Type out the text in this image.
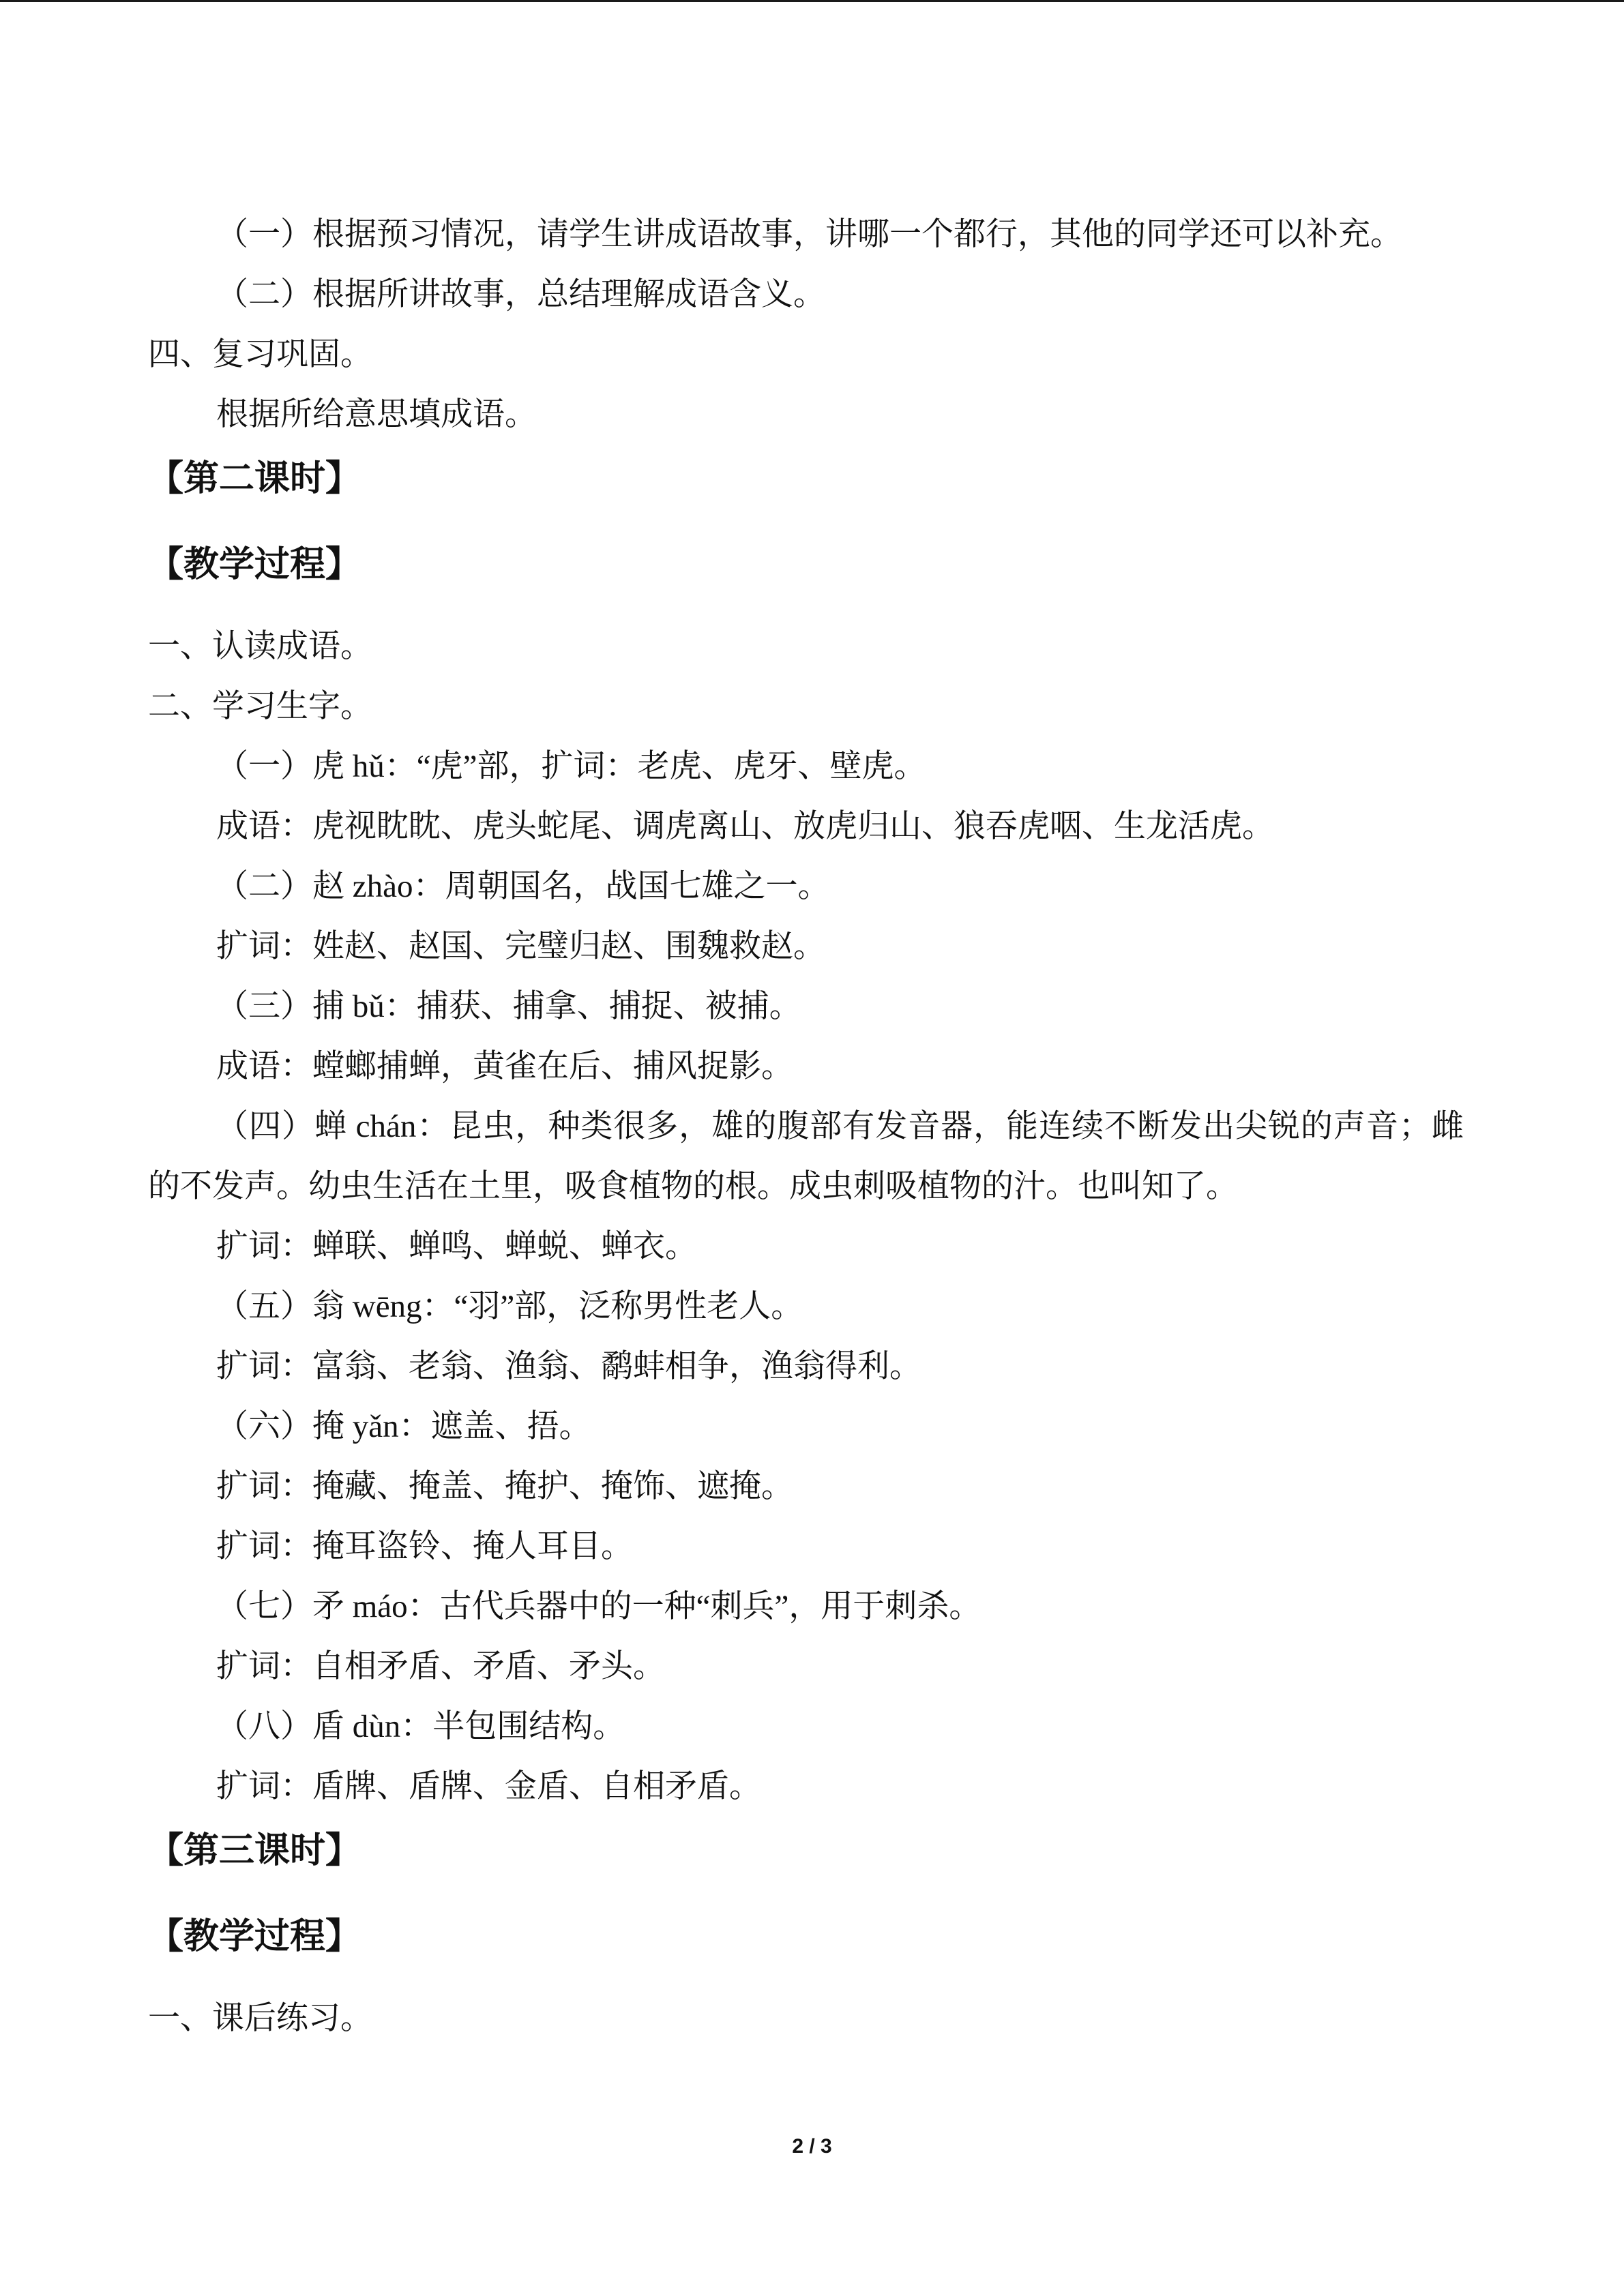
（一）根据预习情况，请学生讲成语故事，讲哪一个都行，其他的同学还可以补充。
（二）根据所讲故事，总结理解成语含义。
四、复习巩固。
根据所给意思填成语。
【第二课时】
【教学过程】
一、认读成语。
二、学习生字。
（一）虎 hǔ：“虎”部，扩词：老虎、虎牙、壁虎。
成语：虎视眈眈、虎头蛇尾、调虎离山、放虎归山、狼吞虎咽、生龙活虎。
（二）赵 zhào：周朝国名，战国七雄之一。
扩词：姓赵、赵国、完璧归赵、围魏救赵。
（三）捕 bǔ：捕获、捕拿、捕捉、被捕。
成语：螳螂捕蝉，黄雀在后、捕风捉影。
（四）蝉 chán：昆虫，种类很多，雄的腹部有发音器，能连续不断发出尖锐的声音；雌
的不发声。幼虫生活在土里，吸食植物的根。成虫刺吸植物的汁。也叫知了。
扩词：蝉联、蝉鸣、蝉蜕、蝉衣。
（五）翁 wēng：“羽”部，泛称男性老人。
扩词：富翁、老翁、渔翁、鹬蚌相争，渔翁得利。
（六）掩 yǎn：遮盖、捂。
扩词：掩藏、掩盖、掩护、掩饰、遮掩。
扩词：掩耳盗铃、掩人耳目。
（七）矛 máo：古代兵器中的一种“刺兵”，用于刺杀。
扩词：自相矛盾、矛盾、矛头。
（八）盾 dùn：半包围结构。
扩词：盾牌、盾牌、金盾、自相矛盾。
【第三课时】
【教学过程】
一、课后练习。
2 / 3
